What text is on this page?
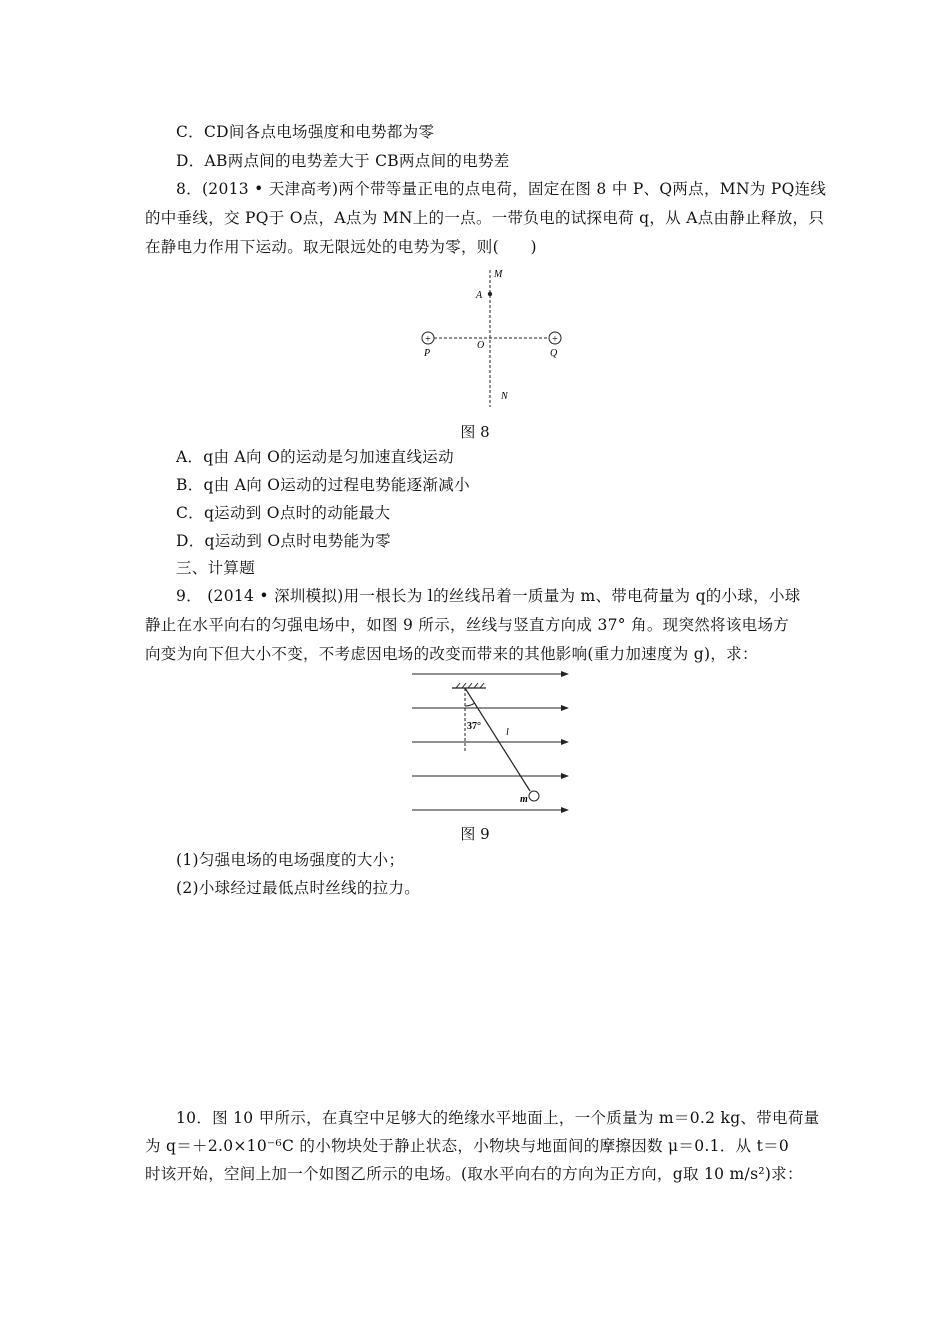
C．CD间各点电场强度和电势都为零
D．AB两点间的电势差大于 CB两点间的电势差
8．(2013 • 天津高考)两个带等量正电的点电荷，固定在图 8 中 P、Q两点，MN为 PQ连线
的中垂线，交 PQ于 O点，A点为 MN上的一点。一带负电的试探电荷 q，从 A点由静止释放，只
在静电力作用下运动。取无限远处的电势为零，则(　　)
+	+
M
A
P
O
Q
N
图 8
A．q由 A向 O的运动是匀加速直线运动
B．q由 A向 O运动的过程电势能逐渐减小
C．q运动到 O点时的动能最大
D．q运动到 O点时电势能为零
三、计算题
9． (2014 • 深圳模拟)用一根长为 l的丝线吊着一质量为 m、带电荷量为 q的小球，小球
静止在水平向右的匀强电场中，如图 9 所示，丝线与竖直方向成 37° 角。现突然将该电场方
向变为向下但大小不变，不考虑因电场的改变而带来的其他影响(重力加速度为 g)，求：
37°
l
m
图 9
(1)匀强电场的电场强度的大小；
(2)小球经过最低点时丝线的拉力。
10．图 10 甲所示，在真空中足够大的绝缘水平地面上，一个质量为 m＝0.2 kg、带电荷量
为 q＝＋2.0×10⁻⁶C 的小物块处于静止状态，小物块与地面间的摩擦因数 μ＝0.1．从 t＝0
时该开始，空间上加一个如图乙所示的电场。(取水平向右的方向为正方向，g取 10 m/s²)求：
